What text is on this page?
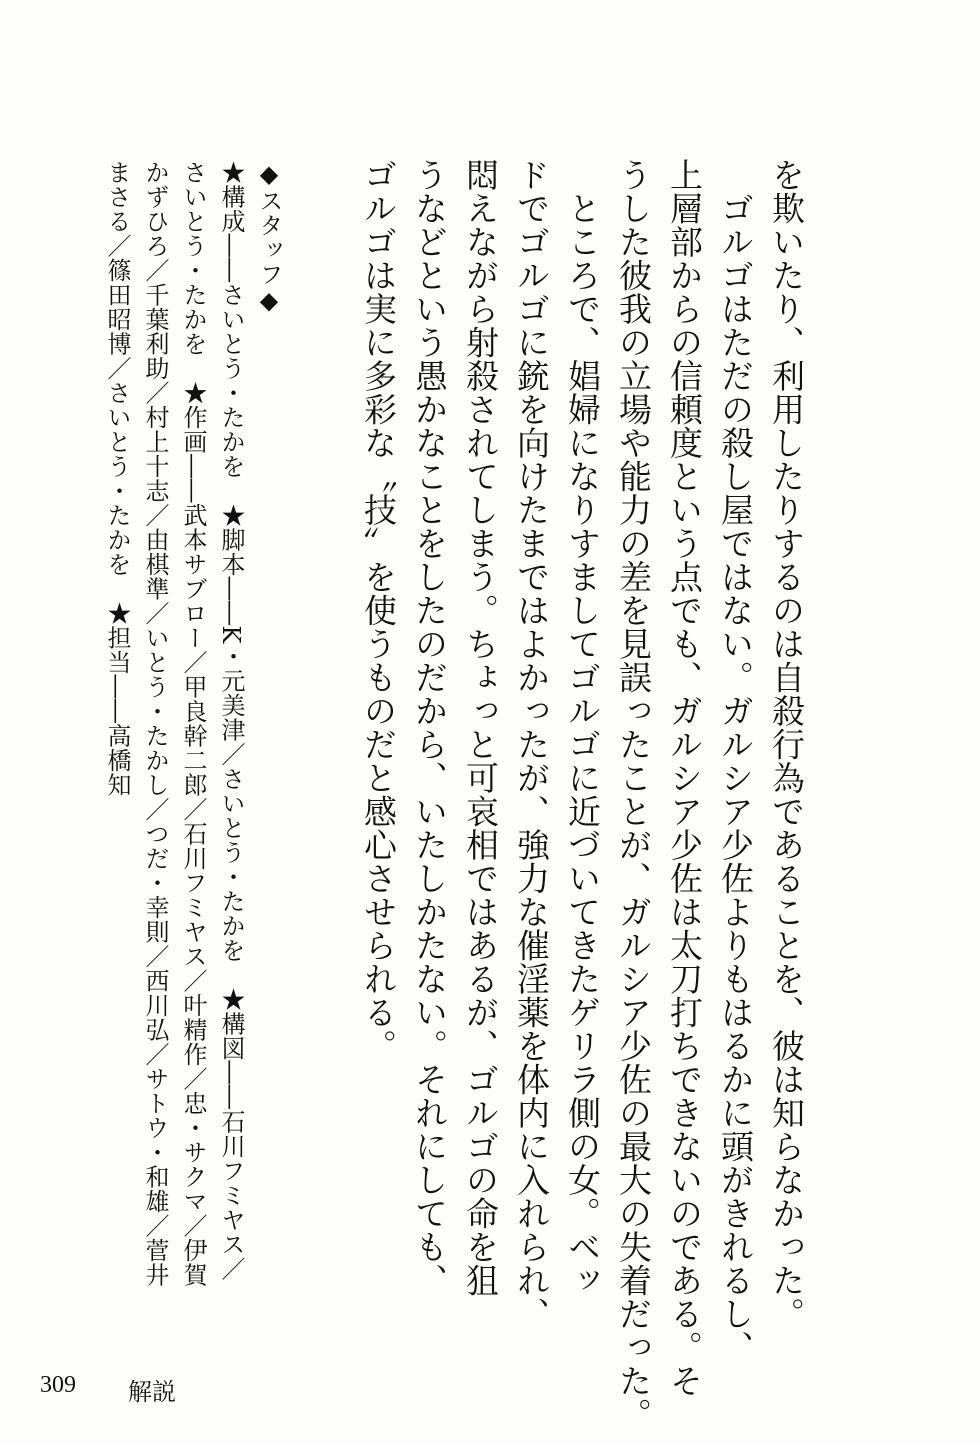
を欺いたり、利用したりするのは自殺行為であることを、彼は知らなかった。
　ゴルゴはただの殺し屋ではない。ガルシア少佐よりもはるかに頭がきれるし、
上層部からの信頼度という点でも、ガルシア少佐は太刀打ちできないのである。そ
うした彼我の立場や能力の差を見誤ったことが、ガルシア少佐の最大の失着だった。
　ところで、娼婦になりすましてゴルゴに近づいてきたゲリラ側の女。ベッ
ドでゴルゴに銃を向けたまではよかったが、強力な催淫薬を体内に入れられ、
悶えながら射殺されてしまう。ちょっと可哀相ではあるが、ゴルゴの命を狙
うなどという愚かなことをしたのだから、いたしかたない。それにしても、
ゴルゴは実に多彩な〝技〟を使うものだと感心させられる。
◆スタッフ◆
★構成――さいとう・たかを　★脚本――K・元美津／さいとう・たかを　★構図――石川フミヤス／
さいとう・たかを　★作画――武本サブロー／甲良幹二郎／石川フミヤス／叶精作／忠・サクマ／伊賀
かずひろ／千葉利助／村上十志／由棋準／いとう・たかし／つだ・幸則／西川弘／サトウ・和雄／菅井
まさる／篠田昭博／さいとう・たかを　★担当――高橋知
309 解説
